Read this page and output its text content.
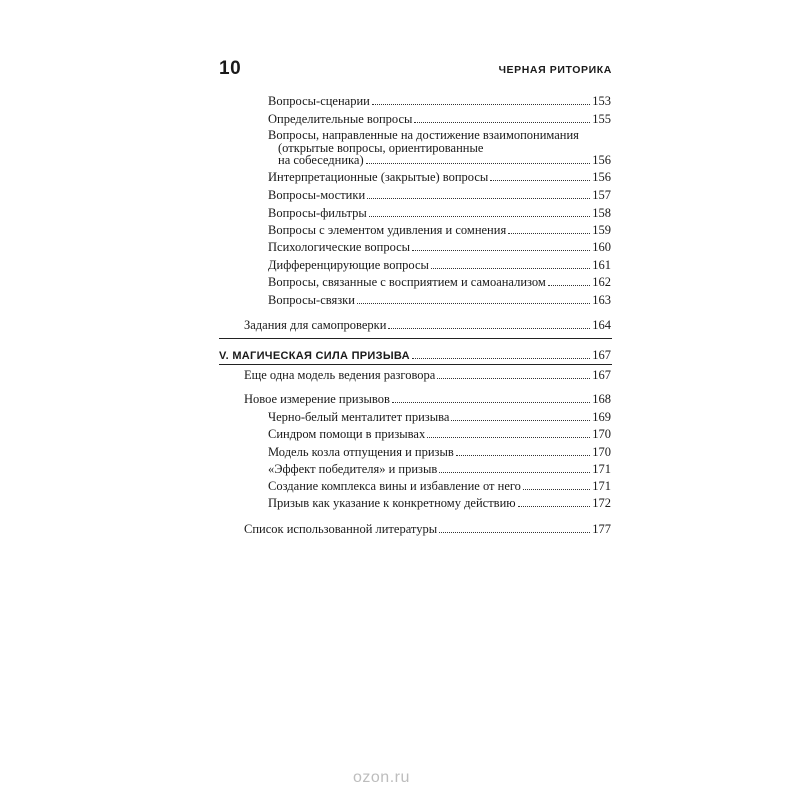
10	ЧЕРНАЯ РИТОРИКА
Вопросы-сценарии	153
Определительные вопросы	155
Вопросы, направленные на достижение взаимопонимания
(открытые вопросы, ориентированные
на собеседника)	156
Интерпретационные (закрытые) вопросы	156
Вопросы-мостики	157
Вопросы-фильтры	158
Вопросы с элементом удивления и сомнения	159
Психологические вопросы	160
Дифференцирующие вопросы	161
Вопросы, связанные с восприятием и самоанализом	162
Вопросы-связки	163
Задания для самопроверки	164
V. МАГИЧЕСКАЯ СИЛА ПРИЗЫВА	167
Еще одна модель ведения разговора	167
Новое измерение призывов	168
Черно-белый менталитет призыва	169
Синдром помощи в призывах	170
Модель козла отпущения и призыв	170
«Эффект победителя» и призыв	171
Создание комплекса вины и избавление от него	171
Призыв как указание к конкретному действию	172
Список использованной литературы	177
ozon.ru
